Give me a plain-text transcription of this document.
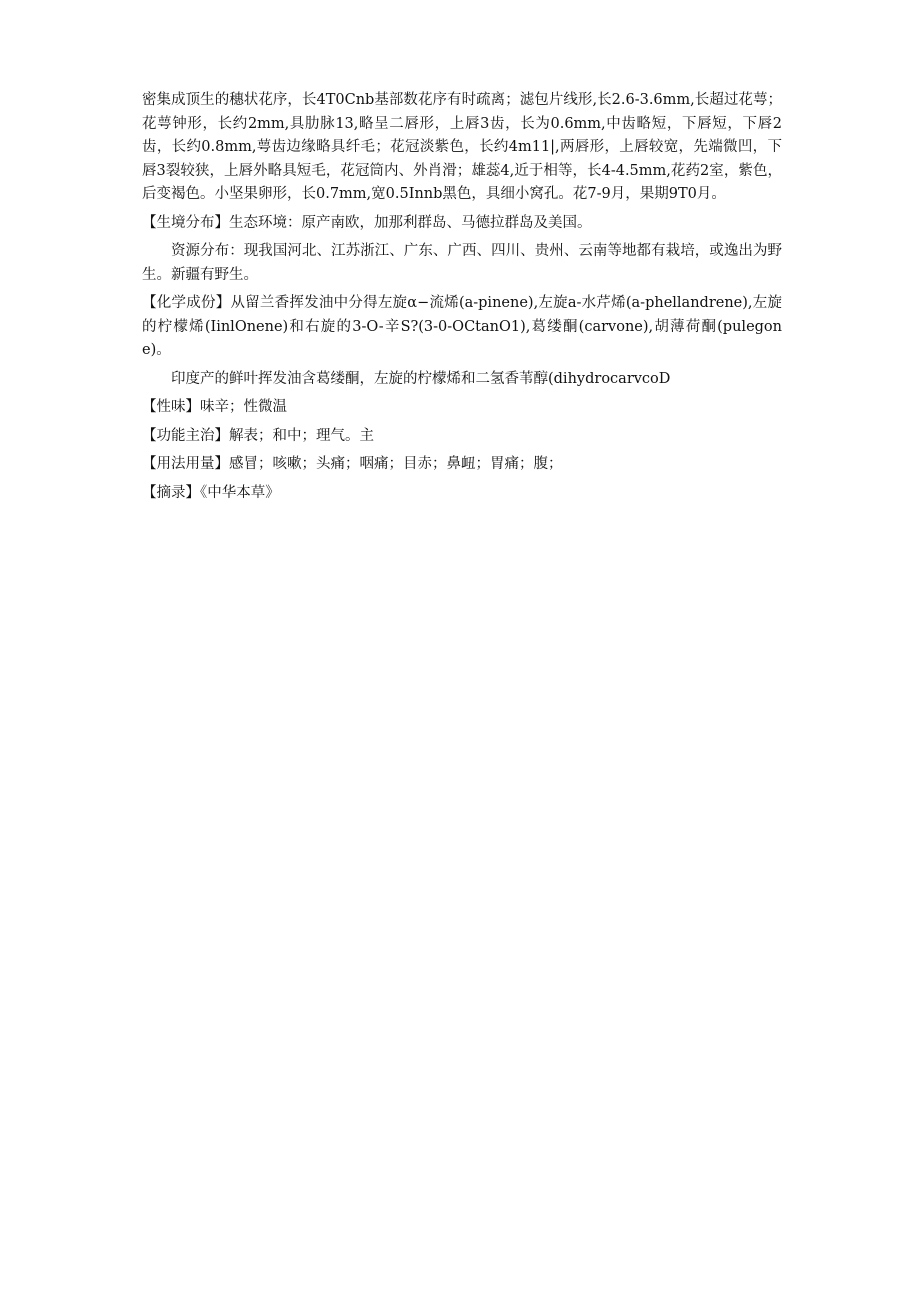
密集成顶生的穗状花序，长4T0Cnb基部数花序有时疏离；滤包片线形,长2.6-3.6mm,长超过花萼；花萼钟形，长约2mm,具肋脉13,略呈二唇形，上唇3齿，长为0.6mm,中齿略短，下唇短，下唇2齿，长约0.8mm,萼齿边缘略具纤毛；花冠淡紫色，长约4m11|,两唇形，上唇较宽，先端微凹，下唇3裂较狭，上唇外略具短毛，花冠筒内、外肖滑；雄蕊4,近于相等，长4-4.5mm,花药2室，紫色，后变褐色。小坚果卵形，长0.7mm,宽0.5Innb黑色，具细小窝孔。花7-9月，果期9T0月。

【生境分布】生态环境：原产南欧，加那利群岛、马德拉群岛及美国。

资源分布：现我国河北、江苏浙江、广东、广西、四川、贵州、云南等地都有栽培，或逸出为野生。新疆有野生。

【化学成份】从留兰香挥发油中分得左旋α−流烯(a-pinene),左旋a-水芹烯(a-phellandrene),左旋的柠檬烯(IinlOnene)和右旋的3-O-辛S?(3-0-OCtanO1),葛缕酮(carvone),胡薄荷酮(pulegone)。

印度产的鲜叶挥发油含葛缕酮，左旋的柠檬烯和二氢香苇醇(dihydrocarvcoD

【性味】味辛；性微温

【功能主治】解表；和中；理气。主

【用法用量】感冒；咳嗽；头痛；咽痛；目赤；鼻衄；胃痛；腹；

【摘录】《中华本草》
